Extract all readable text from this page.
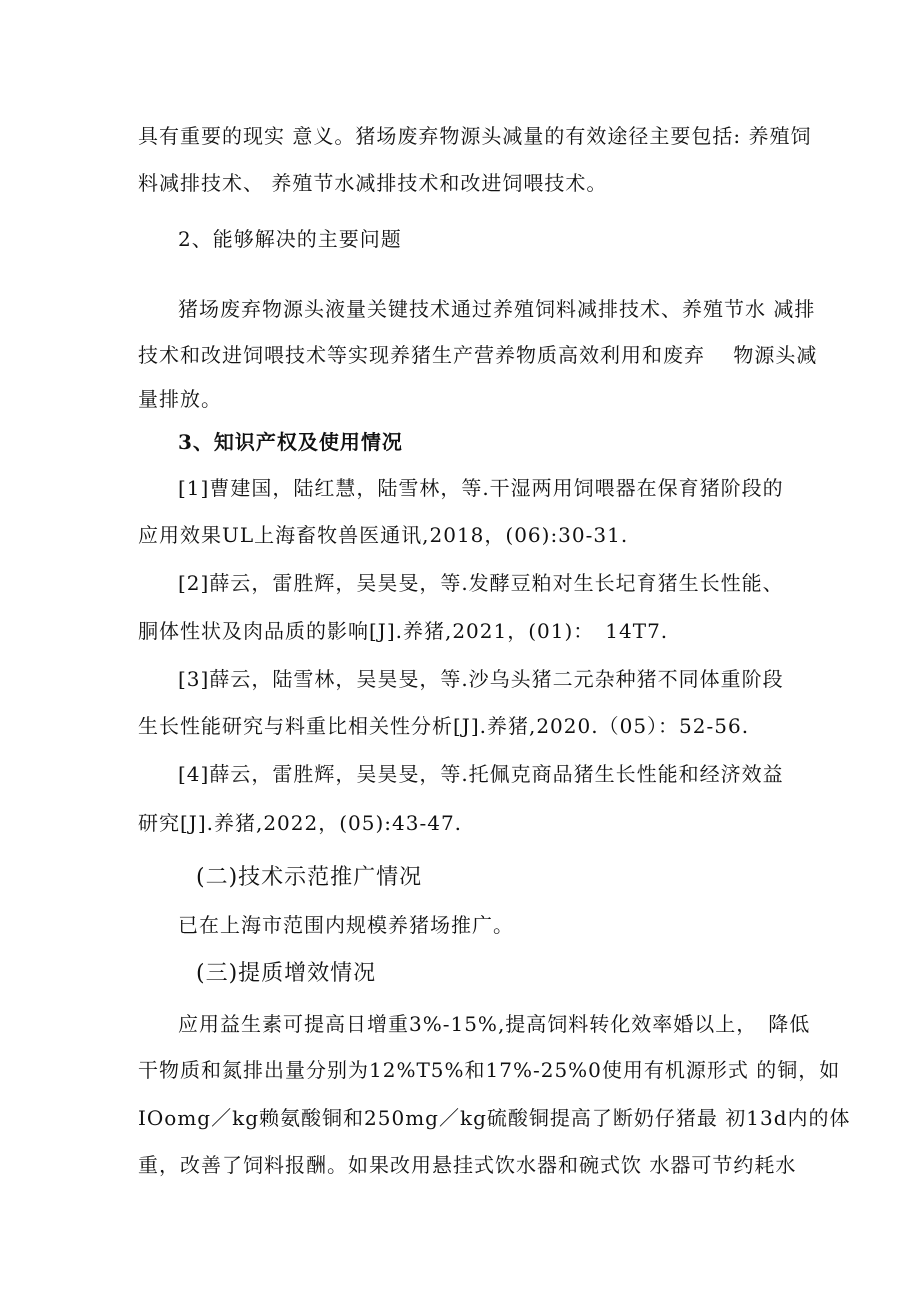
具有重要的现实 意义。猪场废弃物源头减量的有效途径主要包括: 养殖饲
料减排技术、 养殖节水减排技术和改进饲喂技术。
2、能够解决的主要问题
猪场废弃物源头液量关键技术通过养殖饲料减排技术、养殖节水 减排
技术和改进饲喂技术等实现养猪生产营养物质高效利用和废弃　 物源头减
量排放。
3、知识产权及使用情况
[1]曹建国，陆红慧，陆雪林，等.干湿两用饲喂器在保育猪阶段的
应用效果UL上海畜牧兽医通讯,2018，(06):30-31.
[2]薛云，雷胜辉，吴昊旻，等.发酵豆粕对生长圮育猪生长性能、
胴体性状及肉品质的影响[J].养猪,2021，(01)：　14T7.
[3]薛云，陆雪林，吴昊旻，等.沙乌头猪二元杂种猪不同体重阶段
生长性能研究与料重比相关性分析[J].养猪,2020.（05）：52-56.
[4]薛云，雷胜辉，吴昊旻，等.托佩克商品猪生长性能和经济效益
研究[J].养猪,2022，(05):43-47.
(二)技术示范推广情况
已在上海市范围内规模养猪场推广。
(三)提质增效情况
应用益生素可提高日增重3%-15%,提高饲料转化效率婚以上，　降低
干物质和氮排出量分别为12%T5%和17%-25%0使用有机源形式 的铜，如
IOomg／kg赖氨酸铜和250mg／kg硫酸铜提高了断奶仔猪最 初13d内的体
重，改善了饲料报酬。如果改用悬挂式饮水器和碗式饮 水器可节约耗水
